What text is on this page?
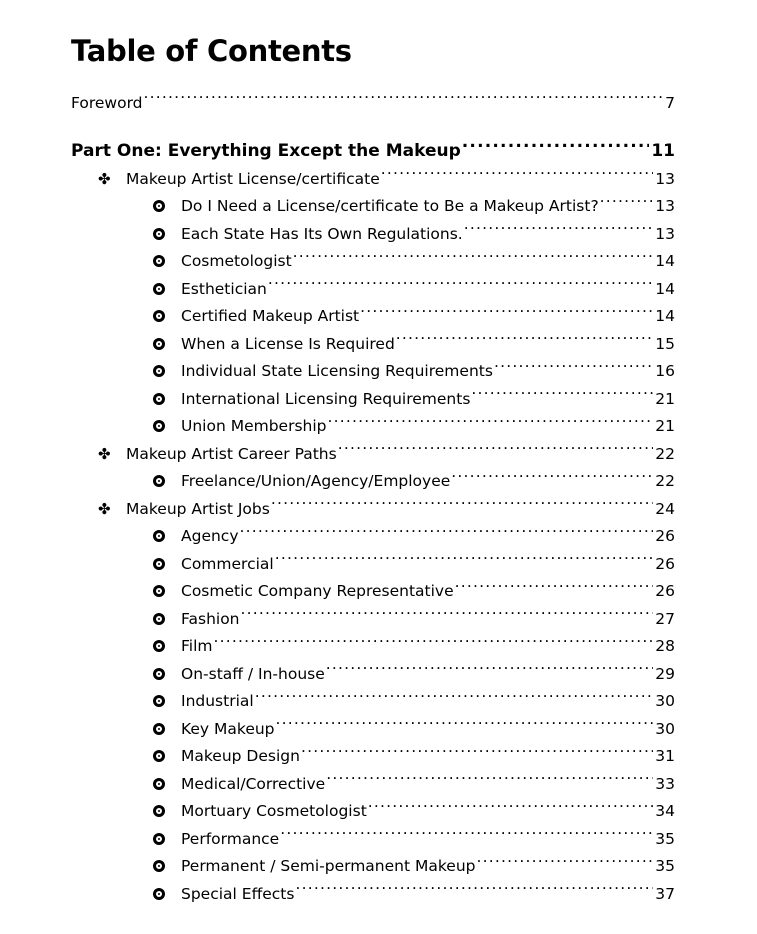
Table of Contents
Foreword .....	7
Part One: Everything Except the Makeup .....	11
✤ Makeup Artist License/certificate .....	13
Do I Need a License/certificate to Be a Makeup Artist? .....	13
Each State Has Its Own Regulations. .....	13
Cosmetologist .....	14
Esthetician .....	14
Certified Makeup Artist .....	14
When a License Is Required .....	15
Individual State Licensing Requirements .....	16
International Licensing Requirements .....	21
Union Membership .....	21
✤ Makeup Artist Career Paths .....	22
Freelance/Union/Agency/Employee .....	22
✤ Makeup Artist Jobs .....	24
Agency .....	26
Commercial .....	26
Cosmetic Company Representative .....	26
Fashion .....	27
Film .....	28
On-staff / In-house .....	29
Industrial .....	30
Key Makeup .....	30
Makeup Design .....	31
Medical/Corrective .....	33
Mortuary Cosmetologist .....	34
Performance .....	35
Permanent / Semi-permanent Makeup .....	35
Special Effects .....	37
